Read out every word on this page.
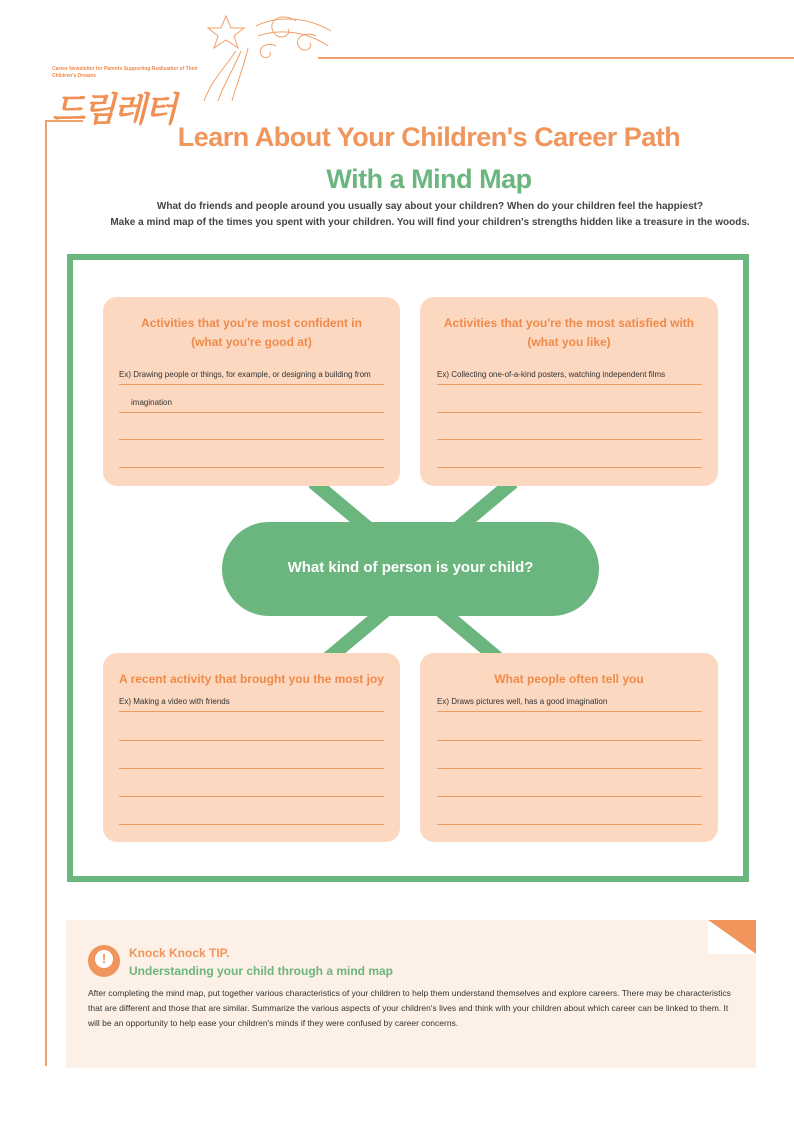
Career Newsletter for Parents Supporting Realization of Their Children's Dreams
드림레터
Learn About Your Children's Career Path
With a Mind Map
What do friends and people around you usually say about your children? When do your children feel the happiest?
Make a mind map of the times you spent with your children. You will find your children's strengths hidden like a treasure in the woods.
Activities that you're most confident in
(what you're good at)
Ex) Drawing people or things, for example, or designing a building from
imagination
Activities that you're the most satisfied with
(what you like)
Ex) Collecting one-of-a-kind posters, watching independent films
What kind of person is your child?
A recent activity that brought you the most joy
Ex) Making a video with friends
What people often tell you
Ex) Draws pictures well, has a good imagination
!	Knock Knock TIP.
Understanding your child through a mind map
After completing the mind map, put together various characteristics of your children to help them understand themselves and explore careers. There may be characteristics that are different and those that are similar. Summarize the various aspects of your children's lives and think with your children about which career can be linked to them. It will be an opportunity to help ease your children's minds if they were confused by career concerns.
